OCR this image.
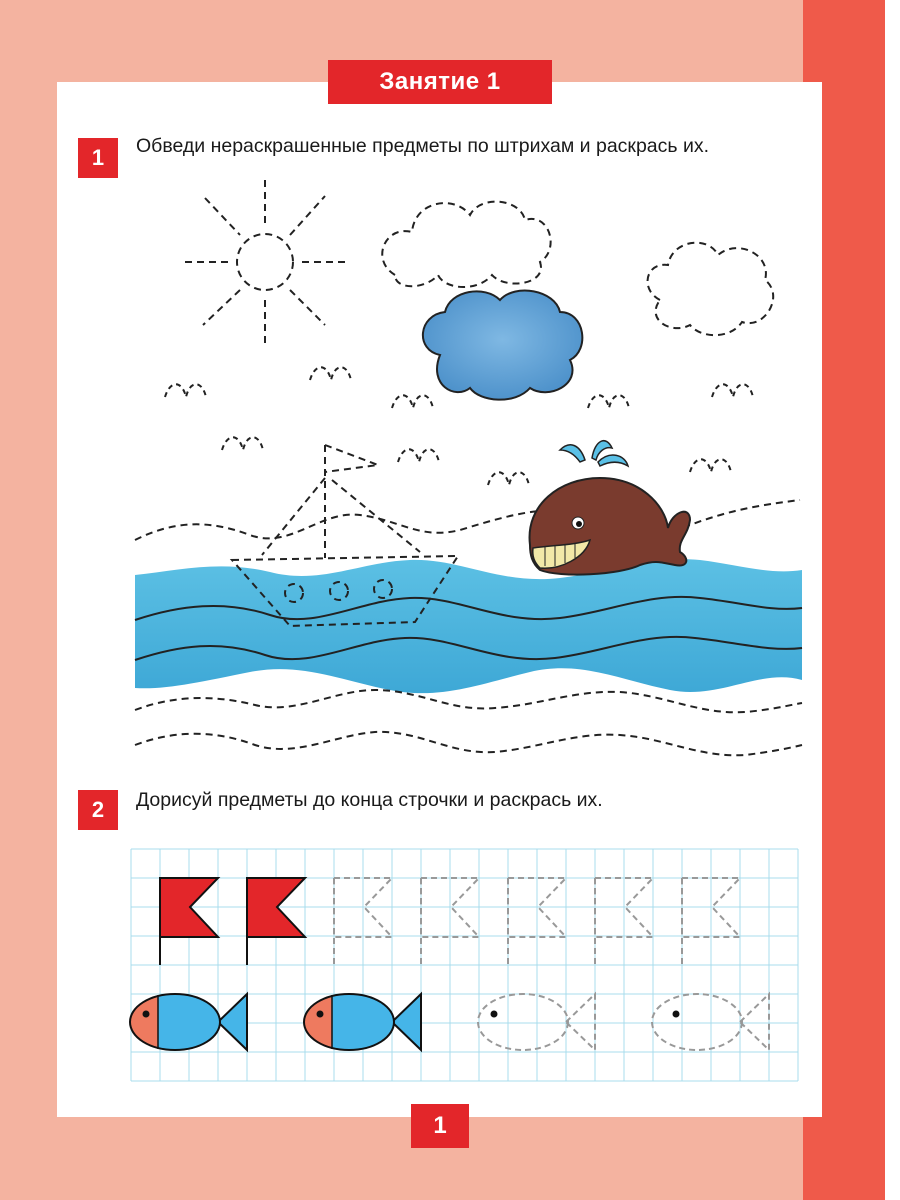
Занятие 1
1	Обведи нераскрашенные предметы по штрихам и раскрась их.
2	Дорисуй предметы до конца строчки и раскрась их.
1
